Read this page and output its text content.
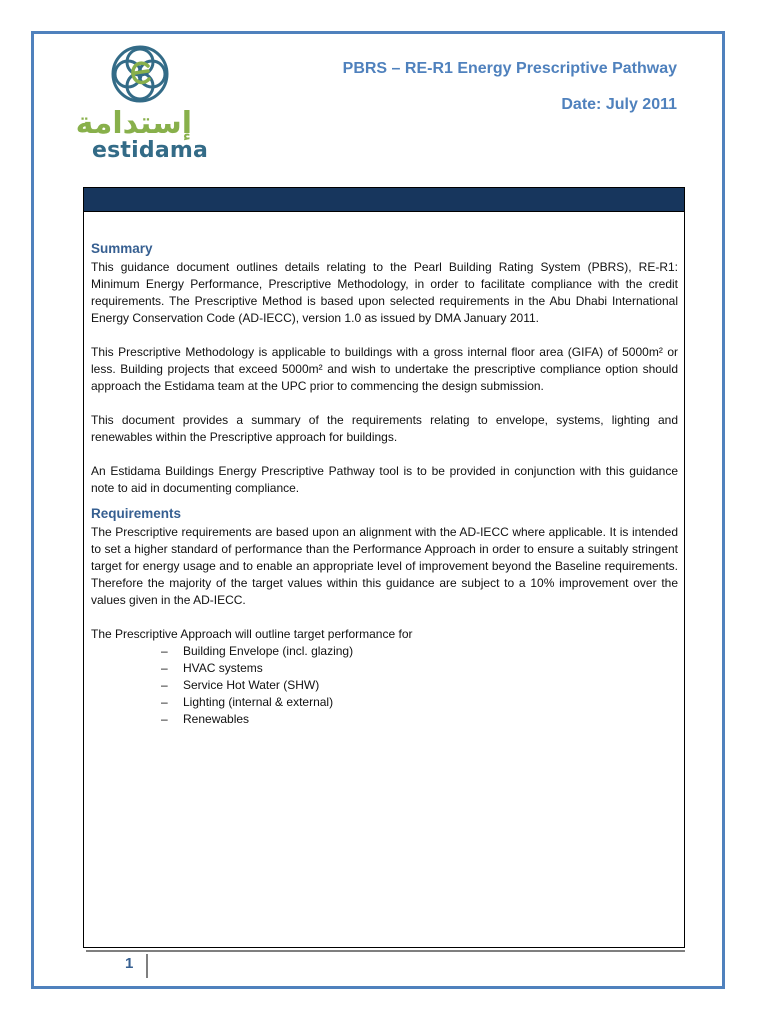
إستدامة
estidama
PBRS – RE-R1 Energy Prescriptive Pathway
Date: July 2011
Summary

This guidance document outlines details relating to the Pearl Building Rating System (PBRS), RE-R1: Minimum Energy Performance, Prescriptive Methodology, in order to facilitate compliance with the credit requirements. The Prescriptive Method is based upon selected requirements in the Abu Dhabi International Energy Conservation Code (AD-IECC), version 1.0 as issued by DMA January 2011.

This Prescriptive Methodology is applicable to buildings with a gross internal floor area (GIFA) of 5000m² or less. Building projects that exceed 5000m² and wish to undertake the prescriptive compliance option should approach the Estidama team at the UPC prior to commencing the design submission.

This document provides a summary of the requirements relating to envelope, systems, lighting and renewables within the Prescriptive approach for buildings.

An Estidama Buildings Energy Prescriptive Pathway tool is to be provided in conjunction with this guidance note to aid in documenting compliance.

Requirements

The Prescriptive requirements are based upon an alignment with the AD-IECC where applicable. It is intended to set a higher standard of performance than the Performance Approach in order to ensure a suitably stringent target for energy usage and to enable an appropriate level of improvement beyond the Baseline requirements. Therefore the majority of the target values within this guidance are subject to a 10% improvement over the values given in the AD-IECC.

The Prescriptive Approach will outline target performance for

– Building Envelope (incl. glazing)
– HVAC systems
– Service Hot Water (SHW)
– Lighting (internal & external)
– Renewables
1
